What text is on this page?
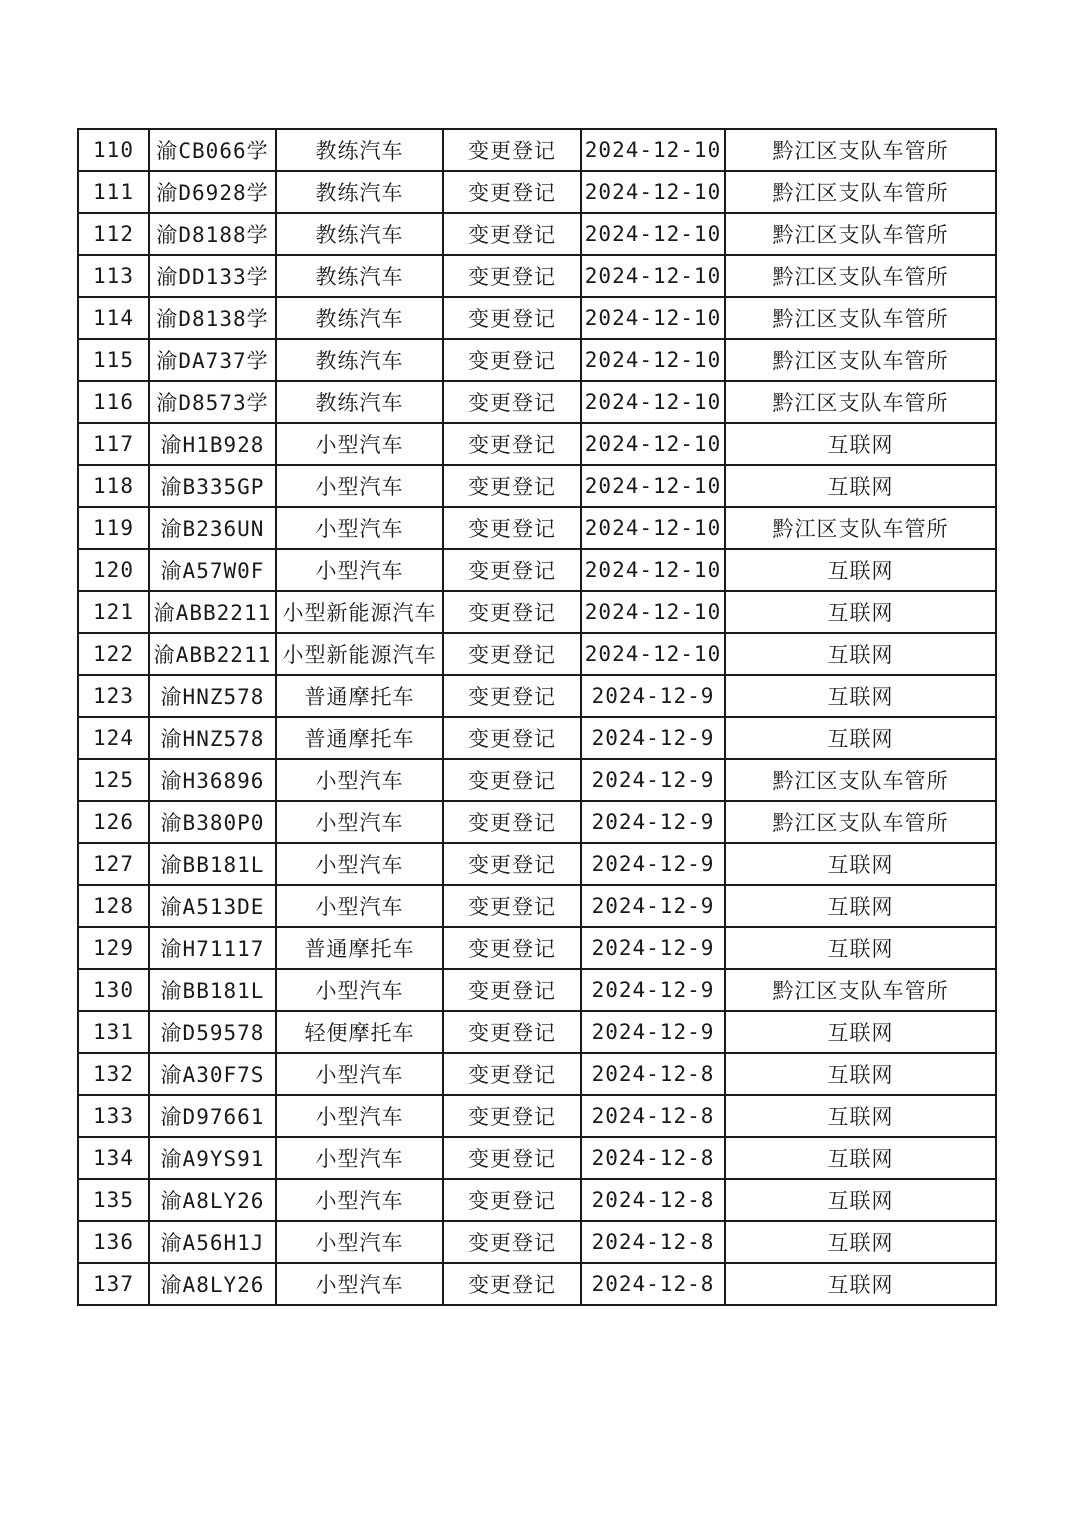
110	渝CB066学	教练汽车	变更登记	2024-12-10	黔江区支队车管所
111	渝D6928学	教练汽车	变更登记	2024-12-10	黔江区支队车管所
112	渝D8188学	教练汽车	变更登记	2024-12-10	黔江区支队车管所
113	渝DD133学	教练汽车	变更登记	2024-12-10	黔江区支队车管所
114	渝D8138学	教练汽车	变更登记	2024-12-10	黔江区支队车管所
115	渝DA737学	教练汽车	变更登记	2024-12-10	黔江区支队车管所
116	渝D8573学	教练汽车	变更登记	2024-12-10	黔江区支队车管所
117	渝H1B928	小型汽车	变更登记	2024-12-10	互联网
118	渝B335GP	小型汽车	变更登记	2024-12-10	互联网
119	渝B236UN	小型汽车	变更登记	2024-12-10	黔江区支队车管所
120	渝A57W0F	小型汽车	变更登记	2024-12-10	互联网
121	渝ABB2211	小型新能源汽车	变更登记	2024-12-10	互联网
122	渝ABB2211	小型新能源汽车	变更登记	2024-12-10	互联网
123	渝HNZ578	普通摩托车	变更登记	2024-12-9	互联网
124	渝HNZ578	普通摩托车	变更登记	2024-12-9	互联网
125	渝H36896	小型汽车	变更登记	2024-12-9	黔江区支队车管所
126	渝B380P0	小型汽车	变更登记	2024-12-9	黔江区支队车管所
127	渝BB181L	小型汽车	变更登记	2024-12-9	互联网
128	渝A513DE	小型汽车	变更登记	2024-12-9	互联网
129	渝H71117	普通摩托车	变更登记	2024-12-9	互联网
130	渝BB181L	小型汽车	变更登记	2024-12-9	黔江区支队车管所
131	渝D59578	轻便摩托车	变更登记	2024-12-9	互联网
132	渝A30F7S	小型汽车	变更登记	2024-12-8	互联网
133	渝D97661	小型汽车	变更登记	2024-12-8	互联网
134	渝A9YS91	小型汽车	变更登记	2024-12-8	互联网
135	渝A8LY26	小型汽车	变更登记	2024-12-8	互联网
136	渝A56H1J	小型汽车	变更登记	2024-12-8	互联网
137	渝A8LY26	小型汽车	变更登记	2024-12-8	互联网
